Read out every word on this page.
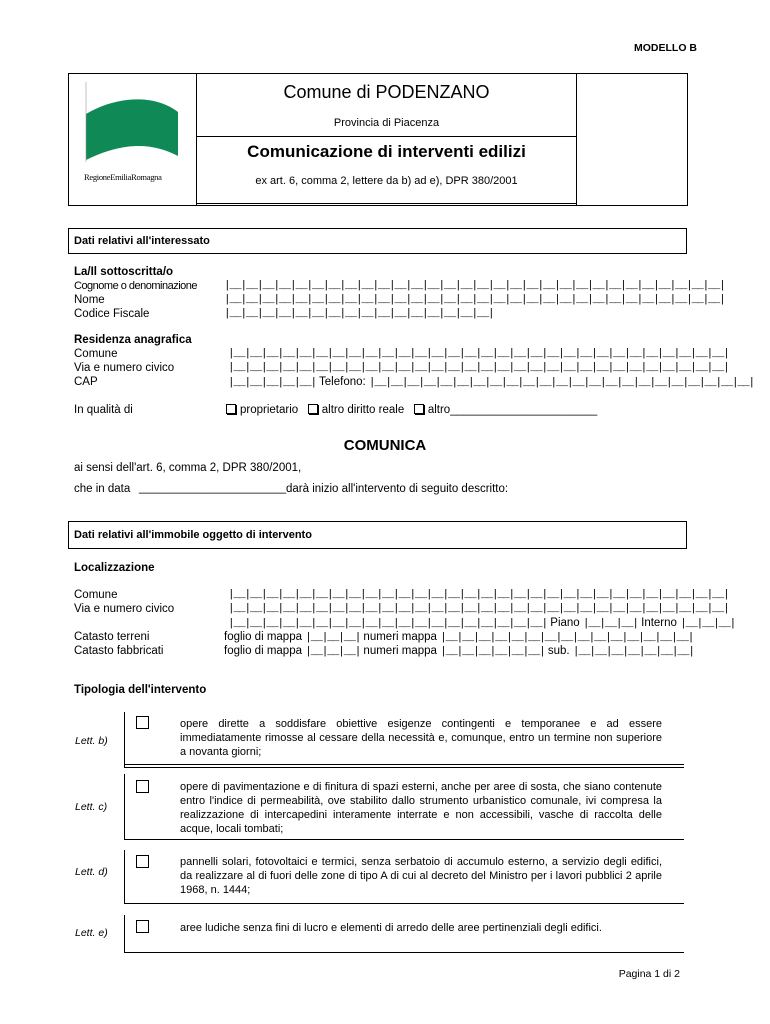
MODELLO B
RegioneEmiliaRomagna
Comune di PODENZANO
Provincia di Piacenza
Comunicazione di interventi edilizi
ex art. 6, comma 2, lettere da b) ad e), DPR 380/2001
Dati relativi all'interessato
La/Il sottoscritta/o
Cognome o denominazione
Nome
Codice Fiscale
|__|__|__|__|__|__|__|__|__|__|__|__|__|__|__|__|__|__|__|__|__|__|__|__|__|__|__|__|__|__|
|__|__|__|__|__|__|__|__|__|__|__|__|__|__|__|__|__|__|__|__|__|__|__|__|__|__|__|__|__|__|
|__|__|__|__|__|__|__|__|__|__|__|__|__|__|__|__|
Residenza anagrafica
Comune
Via e numero civico
CAP
|__|__|__|__|__|__|__|__|__|__|__|__|__|__|__|__|__|__|__|__|__|__|__|__|__|__|__|__|__|__|
|__|__|__|__|__|__|__|__|__|__|__|__|__|__|__|__|__|__|__|__|__|__|__|__|__|__|__|__|__|__|
|__|__|__|__|__| Telefono: |__|__|__|__|__|__|__|__|__|__|__|__|__|__|__|__|__|__|__|__|__|__|__|
In qualità di	proprietario altro diritto reale altro_______________________
COMUNICA
ai sensi dell'art. 6, comma 2, DPR 380/2001,
che in data _______________________ darà inizio all'intervento di seguito descritto:
Dati relativi all'immobile oggetto di intervento
Localizzazione
Comune
Via e numero civico
Catasto terreni
Catasto fabbricati
|__|__|__|__|__|__|__|__|__|__|__|__|__|__|__|__|__|__|__|__|__|__|__|__|__|__|__|__|__|__|
|__|__|__|__|__|__|__|__|__|__|__|__|__|__|__|__|__|__|__|__|__|__|__|__|__|__|__|__|__|__|
|__|__|__|__|__|__|__|__|__|__|__|__|__|__|__|__|__|__|__| Piano |__|__|__| Interno |__|__|__|
foglio di mappa |__|__|__| numeri mappa |__|__|__|__|__|__|__|__|__|__|__|__|__|__|__|
foglio di mappa |__|__|__| numeri mappa |__|__|__|__|__|__| sub. |__|__|__|__|__|__|__|
Tipologia dell'intervento
Lett. b)
opere dirette a soddisfare obiettive esigenze contingenti e temporanee e ad essere immediatamente rimosse al cessare della necessità e, comunque, entro un termine non superiore a novanta giorni;
Lett. c)
opere di pavimentazione e di finitura di spazi esterni, anche per aree di sosta, che siano contenute entro l'indice di permeabilità, ove stabilito dallo strumento urbanistico comunale, ivi compresa la realizzazione di intercapedini interamente interrate e non accessibili, vasche di raccolta delle acque, locali tombati;
Lett. d)
pannelli solari, fotovoltaici e termici, senza serbatoio di accumulo esterno, a servizio degli edifici, da realizzare al di fuori delle zone di tipo A di cui al decreto del Ministro per i lavori pubblici 2 aprile 1968, n. 1444;
Lett. e)	aree ludiche senza fini di lucro e elementi di arredo delle aree pertinenziali degli edifici.
Pagina 1 di 2
